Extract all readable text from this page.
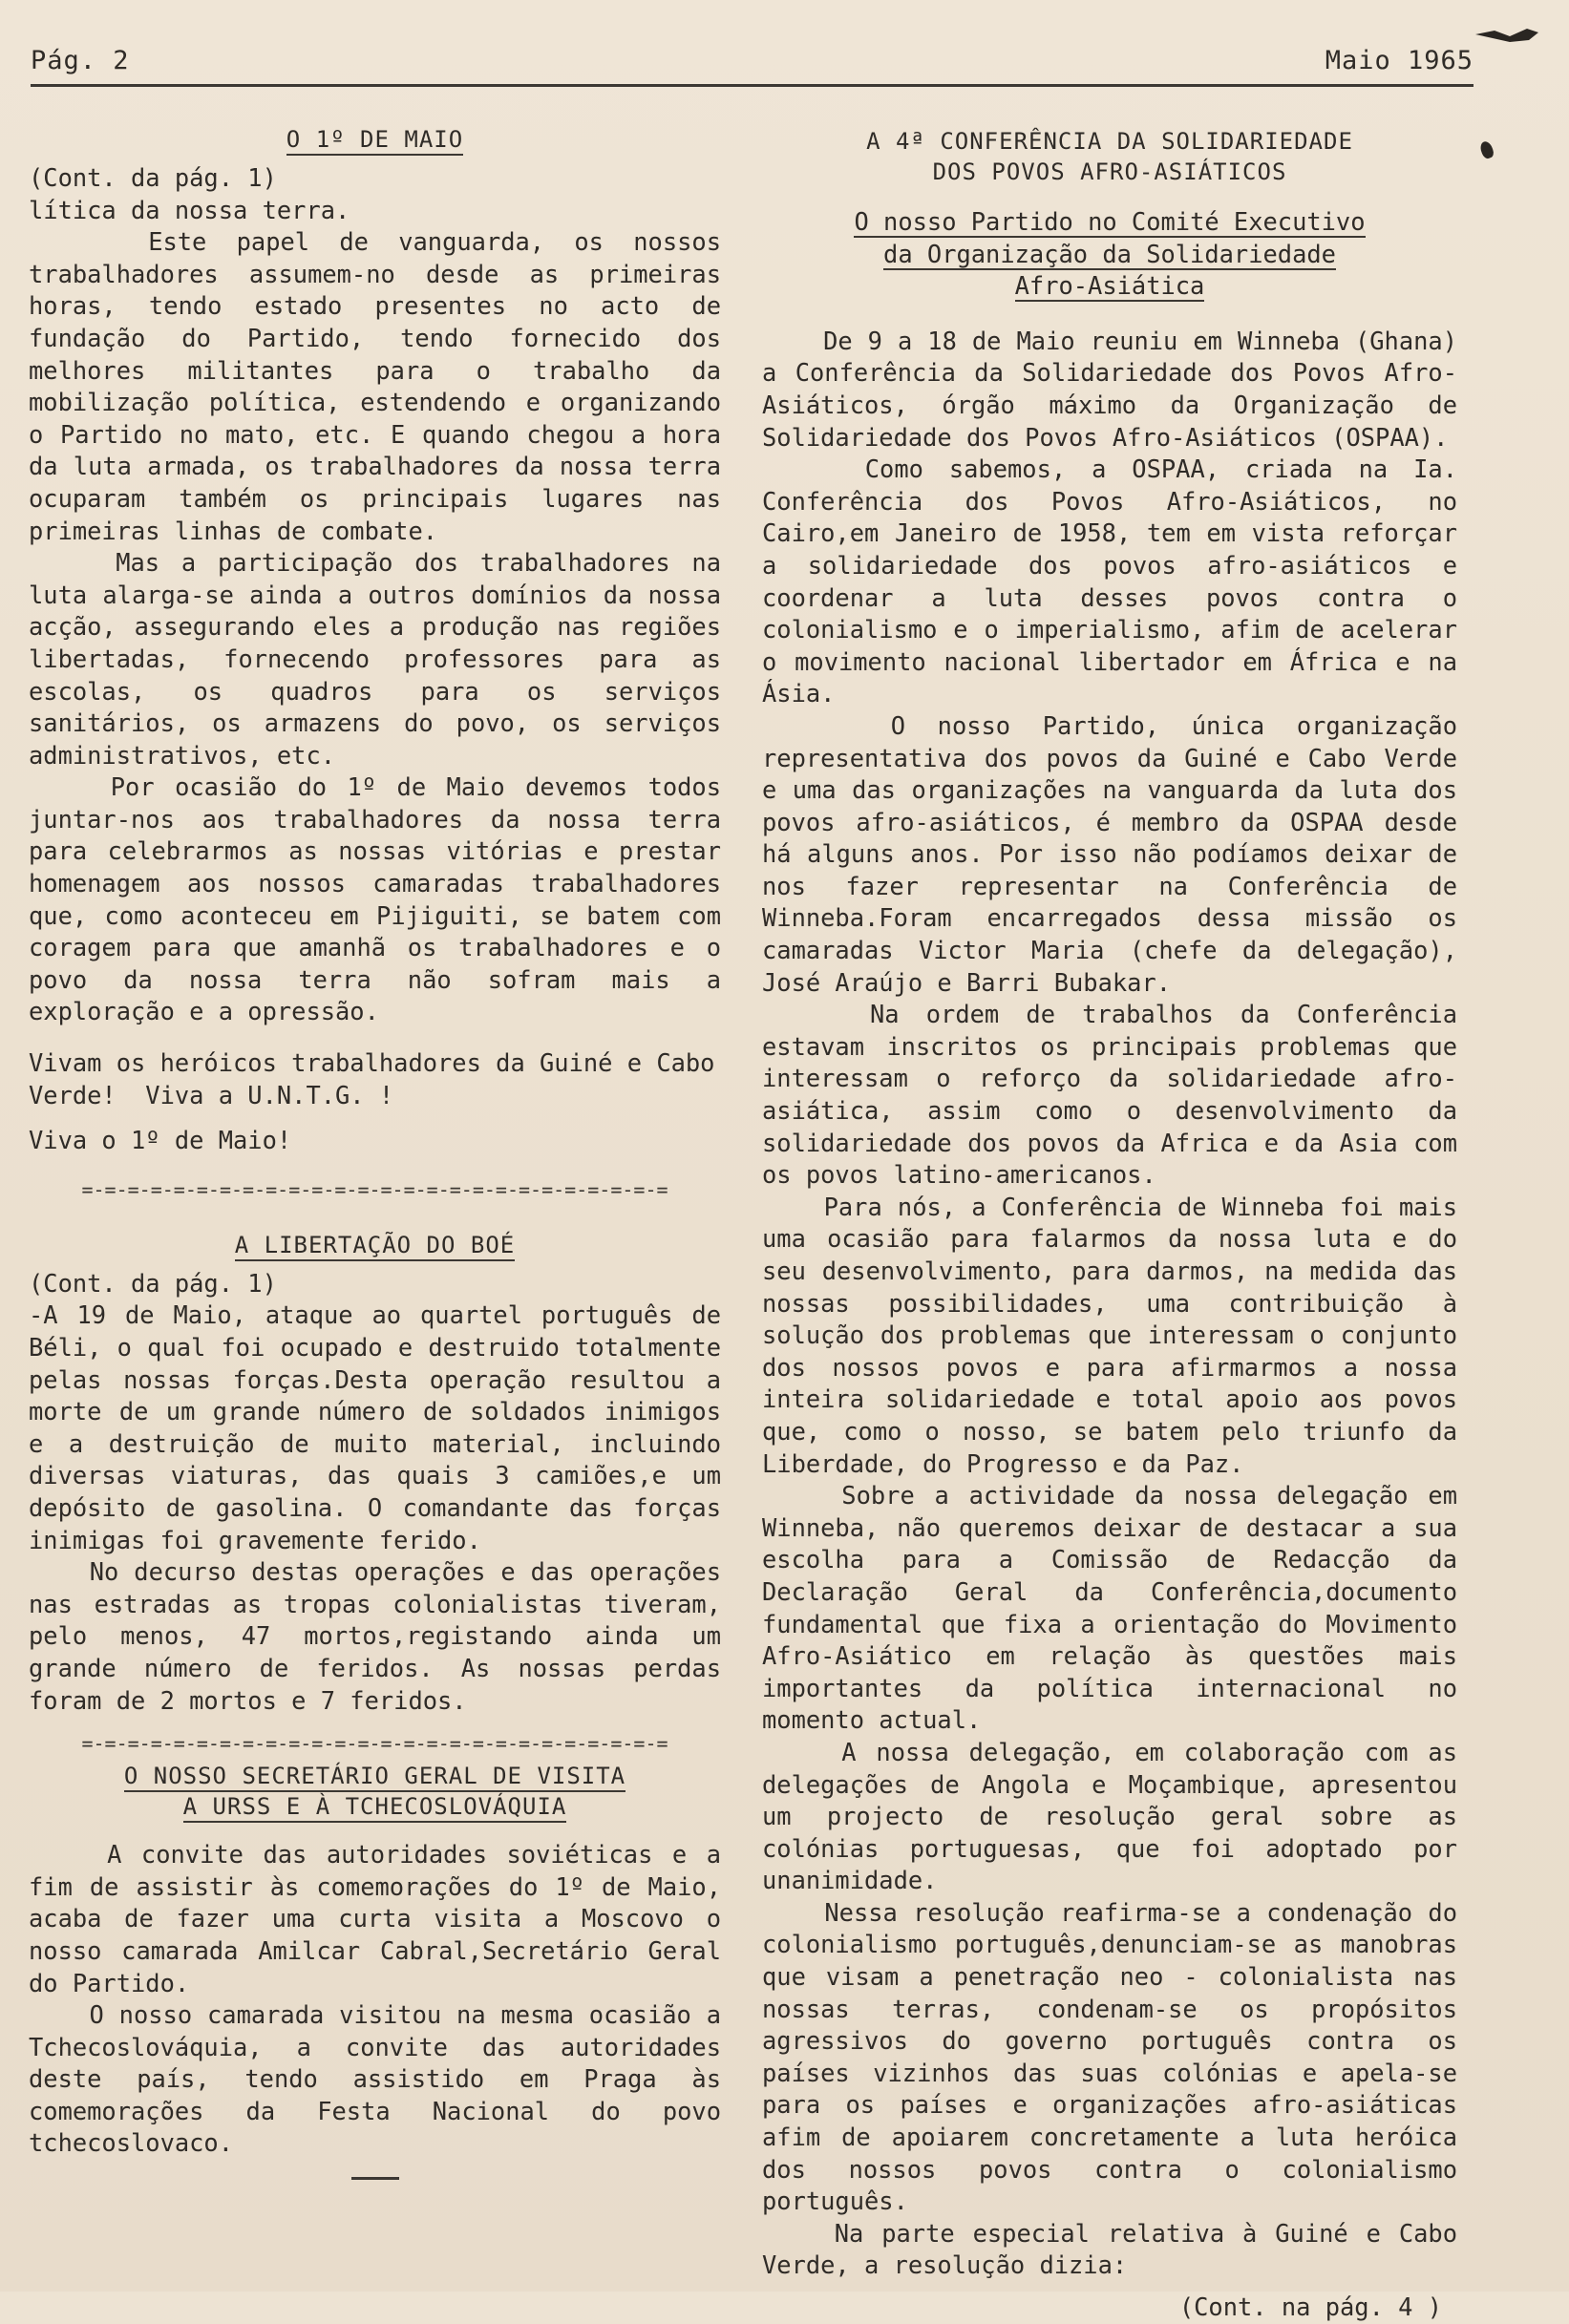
Pág. 2	Maio 1965
O 1º DE MAIO

(Cont. da pág. 1)
lítica da nossa terra.
Este papel de vanguarda, os nossos trabalhadores assumem-no desde as primeiras horas, tendo estado presentes no acto de fundação do Partido, tendo fornecido dos melhores militantes para o trabalho da mobilização política, estendendo e organizando o Partido no mato, etc. E quando chegou a hora da luta armada, os trabalhadores da nossa terra ocuparam também os principais lugares nas primeiras linhas de combate.
Mas a participação dos trabalhadores na luta alarga-se ainda a outros domínios da nossa acção, assegurando eles a produção nas regiões libertadas, fornecendo professores para as escolas, os quadros para os serviços sanitários, os armazens do povo, os serviços administrativos, etc.
Por ocasião do 1º de Maio devemos todos juntar-nos aos trabalhadores da nossa terra para celebrarmos as nossas vitórias e prestar homenagem aos nossos camaradas trabalhadores que, como aconteceu em Pijiguiti, se batem com coragem para que amanhã os trabalhadores e o povo da nossa terra não sofram mais a exploração e a opressão.

Vivam os heróicos trabalhadores da Guiné e Cabo Verde!  Viva a U.N.T.G. !

Viva o 1º de Maio!

=-=-=-=-=-=-=-=-=-=-=-=-=-=-=-=-=-=-=-=-=-=-=-=-=-=
A LIBERTAÇÃO DO BOÉ

(Cont. da pág. 1)
-A 19 de Maio, ataque ao quartel português de Béli, o qual foi ocupado e destruido totalmente pelas nossas forças.Desta operação resultou a morte de um grande número de soldados inimigos e a destruição de muito material, incluindo diversas viaturas, das quais 3 camiões,e um depósito de gasolina. O comandante das forças inimigas foi gravemente ferido.
No decurso destas operações e das operações nas estradas as tropas colonialistas tiveram, pelo menos, 47 mortos,registando ainda um grande número de feridos. As nossas perdas foram de 2 mortos e 7 feridos.

=-=-=-=-=-=-=-=-=-=-=-=-=-=-=-=-=-=-=-=-=-=-=-=-=-=
O NOSSO SECRETÁRIO GERAL DE VISITA
A URSS E À TCHECOSLOVÁQUIA

A convite das autoridades soviéticas e a fim de assistir às comemorações do 1º de Maio, acaba de fazer uma curta visita a Moscovo o nosso camarada Amilcar Cabral,Secretário Geral do Partido.
O nosso camarada visitou na mesma ocasião a Tchecoslováquia, a convite das autoridades deste país, tendo assistido em Praga às comemorações da Festa Nacional do povo tchecoslovaco.

A 4ª CONFERÊNCIA DA SOLIDARIEDADE
DOS POVOS AFRO-ASIÁTICOS
O nosso Partido no Comité Executivo
da Organização da Solidariedade
Afro-Asiática

De 9 a 18 de Maio reuniu em Winneba (Ghana) a Conferência da Solidariedade dos Povos Afro-Asiáticos, órgão máximo da Organização de Solidariedade dos Povos Afro-Asiáticos (OSPAA).
Como sabemos, a OSPAA, criada na Ia. Conferência dos Povos Afro-Asiáticos, no Cairo,em Janeiro de 1958, tem em vista reforçar a solidariedade dos povos afro-asiáticos e coordenar a luta desses povos contra o colonialismo e o imperialismo, afim de acelerar o movimento nacional libertador em África e na Ásia.
O nosso Partido, única organização representativa dos povos da Guiné e Cabo Verde e uma das organizações na vanguarda da luta dos povos afro-asiáticos, é membro da OSPAA desde há alguns anos. Por isso não podíamos deixar de nos fazer representar na Conferência de Winneba.Foram encarregados dessa missão os camaradas Victor Maria (chefe da delegação), José Araújo e Barri Bubakar.
Na ordem de trabalhos da Conferência estavam inscritos os principais problemas que interessam o reforço da solidariedade afro-asiática, assim como o desenvolvimento da solidariedade dos povos da Africa e da Asia com os povos latino-americanos.
Para nós, a Conferência de Winneba foi mais uma ocasião para falarmos da nossa luta e do seu desenvolvimento, para darmos, na medida das nossas possibilidades, uma contribuição à solução dos problemas que interessam o conjunto dos nossos povos e para afirmarmos a nossa inteira solidariedade e total apoio aos povos que, como o nosso, se batem pelo triunfo da Liberdade, do Progresso e da Paz.
Sobre a actividade da nossa delegação em Winneba, não queremos deixar de destacar a sua escolha para a Comissão de Redacção da Declaração Geral da Conferência,documento fundamental que fixa a orientação do Movimento Afro-Asiático em relação às questões mais importantes da política internacional no momento actual.
A nossa delegação, em colaboração com as delegações de Angola e Moçambique, apresentou um projecto de resolução geral sobre as colónias portuguesas, que foi adoptado por unanimidade.
Nessa resolução reafirma-se a condenação do colonialismo português,denunciam-se as manobras que visam a penetração neo - colonialista nas nossas terras, condenam-se os propósitos agressivos do governo português contra os países vizinhos das suas colónias e apela-se para os países e organizações afro-asiáticas afim de apoiarem concretamente a luta heróica dos nossos povos contra o colonialismo português.
Na parte especial relativa à Guiné e Cabo Verde, a resolução dizia:

(Cont. na pág. 4 )
